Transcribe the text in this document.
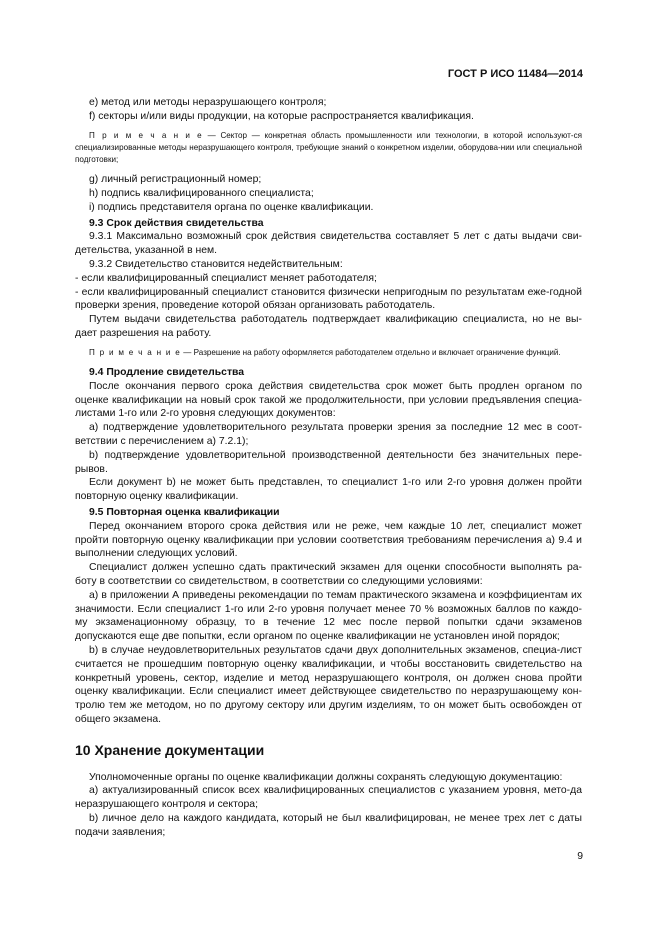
ГОСТ Р ИСО 11484—2014

e) метод или методы неразрушающего контроля;

f) секторы и/или виды продукции, на которые распространяется квалификация.

П р и м е ч а н и е — Сектор — конкретная область промышленности или технологии, в которой используют-ся специализированные методы неразрушающего контроля, требующие знаний о конкретном изделии, оборудова-нии или специальной подготовки;

g) личный регистрационный номер;

h) подпись квалифицированного специалиста;

i) подпись представителя органа по оценке квалификации.

9.3 Срок действия свидетельства

9.3.1 Максимально возможный срок действия свидетельства составляет 5 лет с даты выдачи сви-детельства, указанной в нем.

9.3.2 Свидетельство становится недействительным:

- если квалифицированный специалист меняет работодателя;

- если квалифицированный специалист становится физически непригодным по результатам еже-годной проверки зрения, проведение которой обязан организовать работодатель.

Путем выдачи свидетельства работодатель подтверждает квалификацию специалиста, но не вы-дает разрешения на работу.

П р и м е ч а н и е — Разрешение на работу оформляется работодателем отдельно и включает ограничение функций.

9.4 Продление свидетельства

После окончания первого срока действия свидетельства срок может быть продлен органом по оценке квалификации на новый срок такой же продолжительности, при условии предъявления специа-листами 1-го или 2-го уровня следующих документов:

a) подтверждение удовлетворительного результата проверки зрения за последние 12 мес в соот-ветствии с перечислением а) 7.2.1);

b) подтверждение удовлетворительной производственной деятельности без значительных пере-рывов.

Если документ b) не может быть представлен, то специалист 1-го или 2-го уровня должен пройти повторную оценку квалификации.

9.5 Повторная оценка квалификации

Перед окончанием второго срока действия или не реже, чем каждые 10 лет, специалист может пройти повторную оценку квалификации при условии соответствия требованиям перечисления а) 9.4 и выполнении следующих условий.

Специалист должен успешно сдать практический экзамен для оценки способности выполнять ра-боту в соответствии со свидетельством, в соответствии со следующими условиями:

a) в приложении А приведены рекомендации по темам практического экзамена и коэффициентам их значимости. Если специалист 1-го или 2-го уровня получает менее 70 % возможных баллов по каждо-му экзаменационному образцу, то в течение 12 мес после первой попытки сдачи экзаменов допускаются еще две попытки, если органом по оценке квалификации не установлен иной порядок;

b) в случае неудовлетворительных результатов сдачи двух дополнительных экзаменов, специа-лист считается не прошедшим повторную оценку квалификации, и чтобы восстановить свидетельство на конкретный уровень, сектор, изделие и метод неразрушающего контроля, он должен снова пройти оценку квалификации. Если специалист имеет действующее свидетельство по неразрушающему кон-тролю тем же методом, но по другому сектору или другим изделиям, то он может быть освобожден от общего экзамена.

10 Хранение документации

Уполномоченные органы по оценке квалификации должны сохранять следующую документацию:

a) актуализированный список всех квалифицированных специалистов с указанием уровня, мето-да неразрушающего контроля и сектора;

b) личное дело на каждого кандидата, который не был квалифицирован, не менее трех лет с даты подачи заявления;

9
